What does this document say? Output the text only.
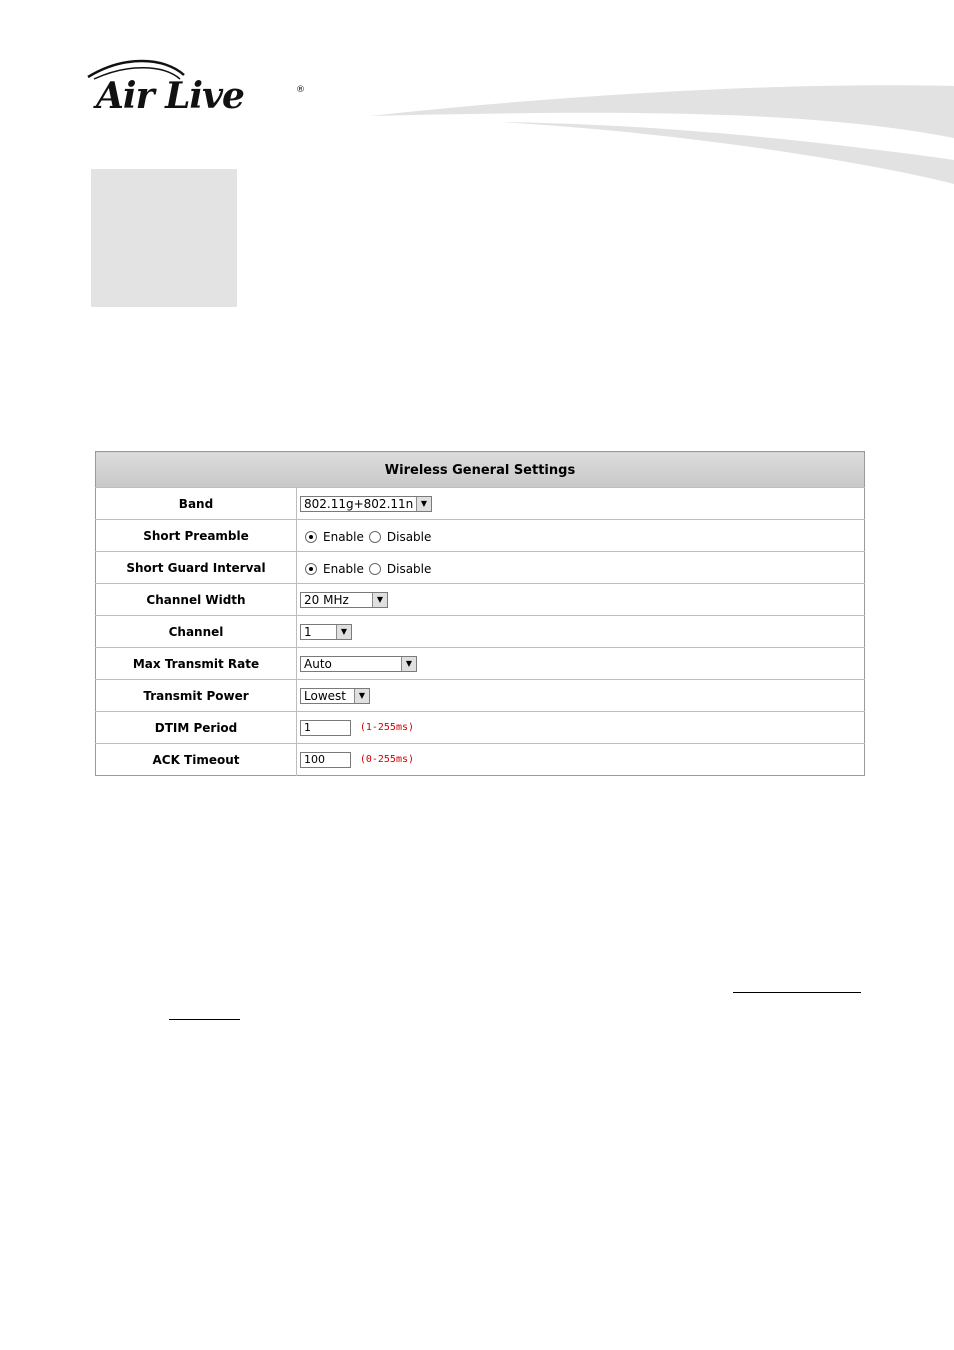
Air Live	®
Wireless General Settings	
Band	802.11g+802.11n ▼

Short Preamble	Enable Disable

Short Guard Interval	Enable Disable

Channel Width	20 MHz ▼

Channel	1 ▼

Max Transmit Rate	Auto ▼

Transmit Power	Lowest ▼

DTIM Period	1 (1-255ms)
ACK Timeout	100 (0-255ms)
